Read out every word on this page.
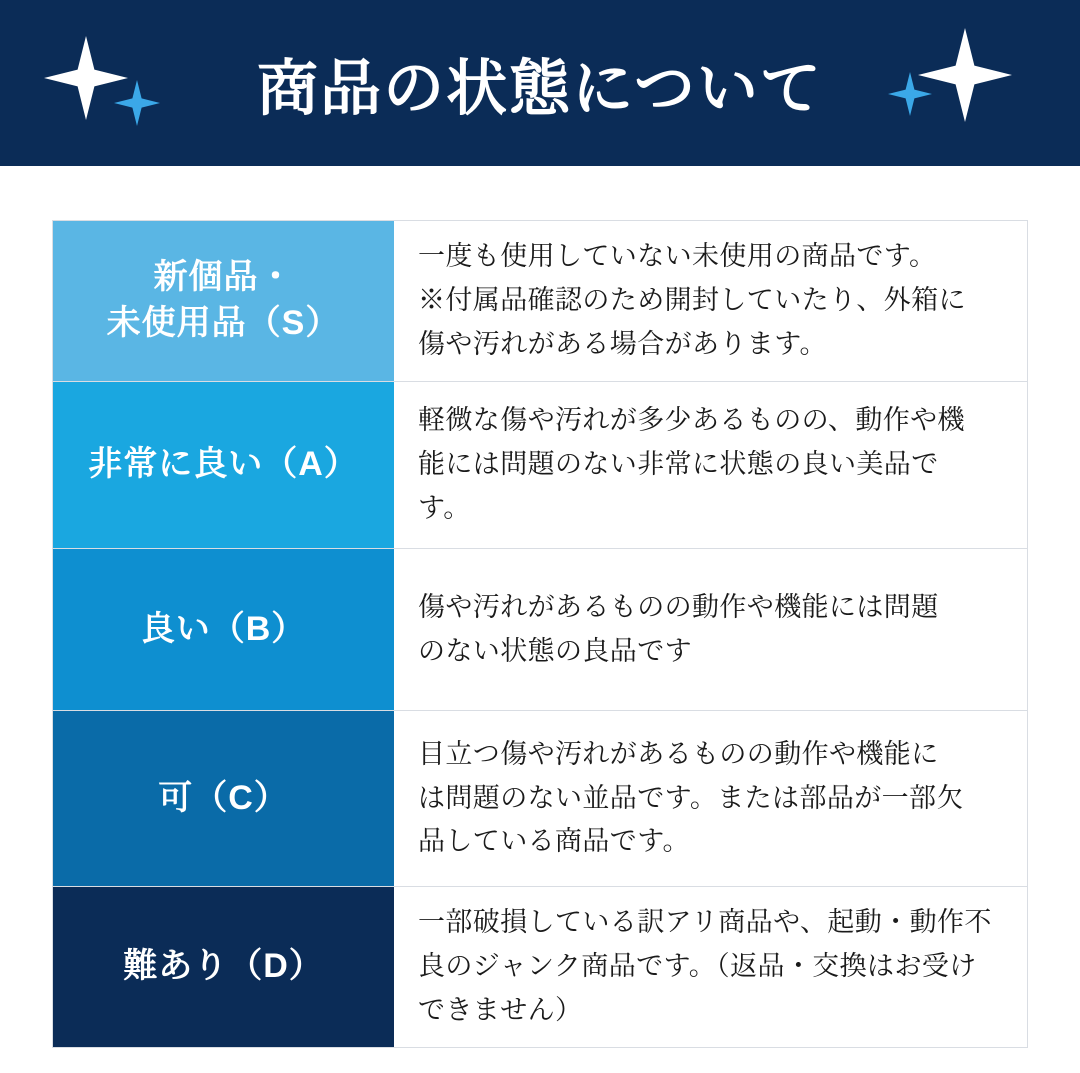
商品の状態について
新個品・
未使用品（S）
一度も使用していない未使用の商品です。
※付属品確認のため開封していたり、外箱に
傷や汚れがある場合があります。
非常に良い（A）
軽微な傷や汚れが多少あるものの、動作や機
能には問題のない非常に状態の良い美品で
す。
良い（B）
傷や汚れがあるものの動作や機能には問題
のない状態の良品です
可（C）
目立つ傷や汚れがあるものの動作や機能に
は問題のない並品です。または部品が一部欠
品している商品です。
難あり（D）
一部破損している訳アリ商品や、起動・動作不
良のジャンク商品です。（返品・交換はお受け
できません）
